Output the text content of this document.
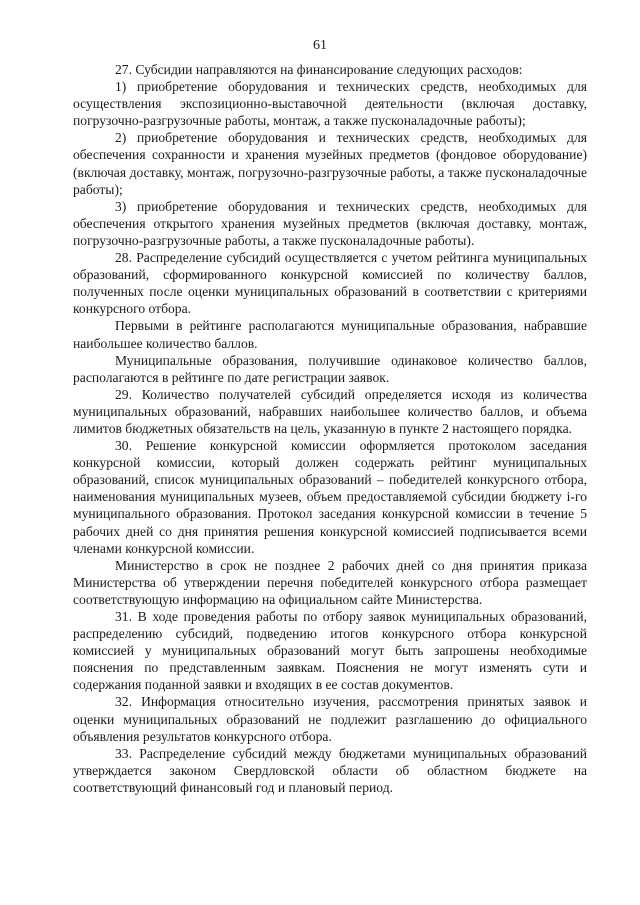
61

27. Субсидии направляются на финансирование следующих расходов:

1) приобретение оборудования и технических средств, необходимых для осуществления экспозиционно-выставочной деятельности (включая доставку, погрузочно-разгрузочные работы, монтаж, а также пусконаладочные работы);

2) приобретение оборудования и технических средств, необходимых для обеспечения сохранности и хранения музейных предметов (фондовое оборудование) (включая доставку, монтаж, погрузочно-разгрузочные работы, а также пусконаладочные работы);

3) приобретение оборудования и технических средств, необходимых для обеспечения открытого хранения музейных предметов (включая доставку, монтаж, погрузочно-разгрузочные работы, а также пусконаладочные работы).

28. Распределение субсидий осуществляется с учетом рейтинга муниципальных образований, сформированного конкурсной комиссией по количеству баллов, полученных после оценки муниципальных образований в соответствии с критериями конкурсного отбора.

Первыми в рейтинге располагаются муниципальные образования, набравшие наибольшее количество баллов.

Муниципальные образования, получившие одинаковое количество баллов, располагаются в рейтинге по дате регистрации заявок.

29. Количество получателей субсидий определяется исходя из количества муниципальных образований, набравших наибольшее количество баллов, и объема лимитов бюджетных обязательств на цель, указанную в пункте 2 настоящего порядка.

30. Решение конкурсной комиссии оформляется протоколом заседания конкурсной комиссии, который должен содержать рейтинг муниципальных образований, список муниципальных образований – победителей конкурсного отбора, наименования муниципальных музеев, объем предоставляемой субсидии бюджету i-го муниципального образования. Протокол заседания конкурсной комиссии в течение 5 рабочих дней со дня принятия решения конкурсной комиссией подписывается всеми членами конкурсной комиссии.

Министерство в срок не позднее 2 рабочих дней со дня принятия приказа Министерства об утверждении перечня победителей конкурсного отбора размещает соответствующую информацию на официальном сайте Министерства.

31. В ходе проведения работы по отбору заявок муниципальных образований, распределению субсидий, подведению итогов конкурсного отбора конкурсной комиссией у муниципальных образований могут быть запрошены необходимые пояснения по представленным заявкам. Пояснения не могут изменять сути и содержания поданной заявки и входящих в ее состав документов.

32. Информация относительно изучения, рассмотрения принятых заявок и оценки муниципальных образований не подлежит разглашению до официального объявления результатов конкурсного отбора.

33. Распределение субсидий между бюджетами муниципальных образований утверждается законом Свердловской области об областном бюджете на соответствующий финансовый год и плановый период.
